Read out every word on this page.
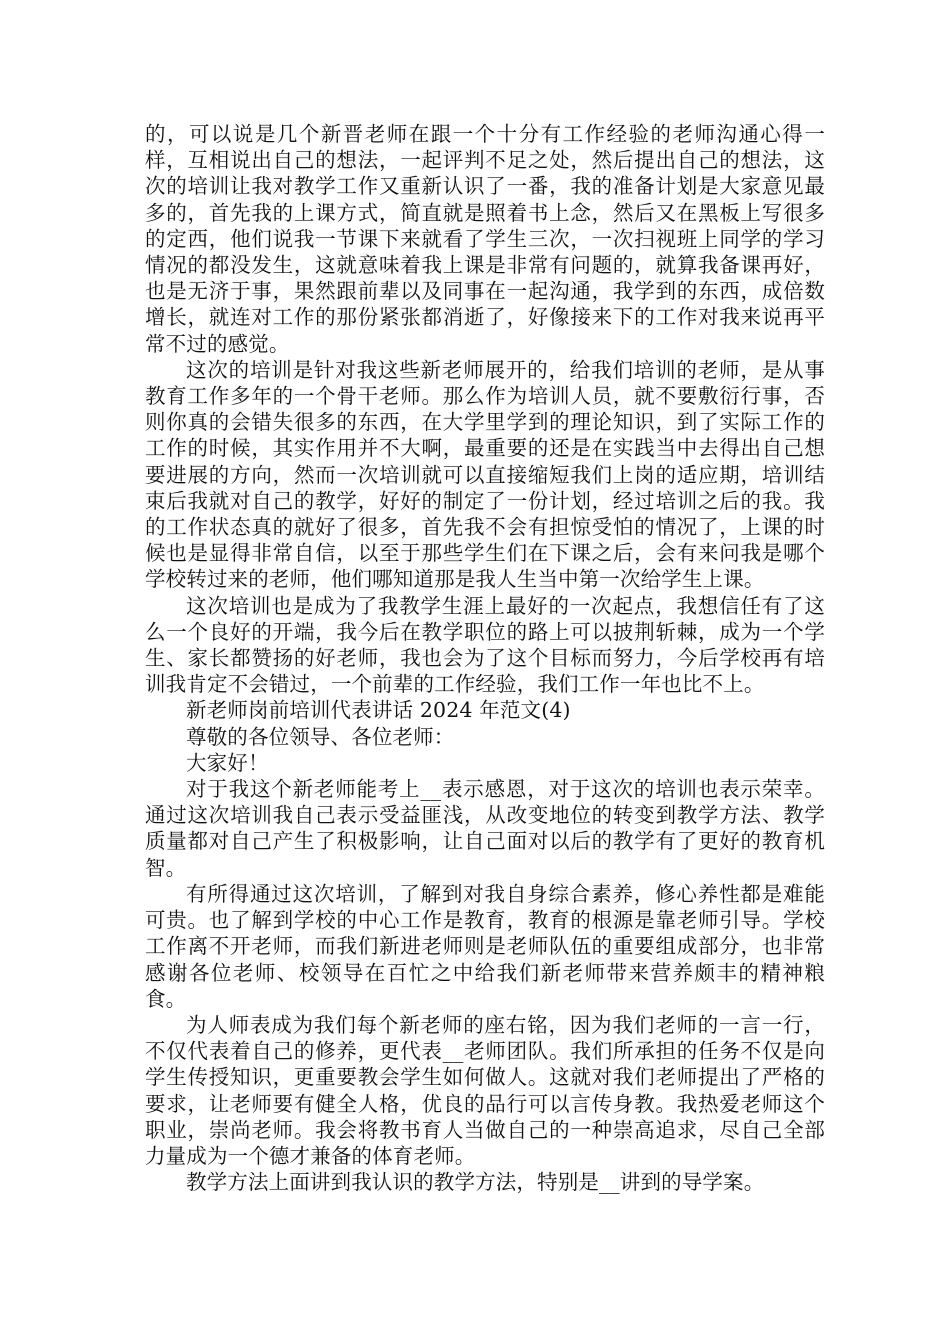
的，可以说是几个新晋老师在跟一个十分有工作经验的老师沟通心得一样，互相说出自己的想法，一起评判不足之处，然后提出自己的想法，这次的培训让我对教学工作又重新认识了一番，我的准备计划是大家意见最多的，首先我的上课方式，简直就是照着书上念，然后又在黑板上写很多的定西，他们说我一节课下来就看了学生三次，一次扫视班上同学的学习情况的都没发生，这就意味着我上课是非常有问题的，就算我备课再好，也是无济于事，果然跟前辈以及同事在一起沟通，我学到的东西，成倍数增长，就连对工作的那份紧张都消逝了，好像接来下的工作对我来说再平常不过的感觉。

这次的培训是针对我这些新老师展开的，给我们培训的老师，是从事教育工作多年的一个骨干老师。那么作为培训人员，就不要敷衍行事，否则你真的会错失很多的东西，在大学里学到的理论知识，到了实际工作的工作的时候，其实作用并不大啊，最重要的还是在实践当中去得出自己想要进展的方向，然而一次培训就可以直接缩短我们上岗的适应期，培训结束后我就对自己的教学，好好的制定了一份计划，经过培训之后的我。我的工作状态真的就好了很多，首先我不会有担惊受怕的情况了，上课的时候也是显得非常自信，以至于那些学生们在下课之后，会有来问我是哪个学校转过来的老师，他们哪知道那是我人生当中第一次给学生上课。

这次培训也是成为了我教学生涯上最好的一次起点，我想信任有了这么一个良好的开端，我今后在教学职位的路上可以披荆斩棘，成为一个学生、家长都赞扬的好老师，我也会为了这个目标而努力，今后学校再有培训我肯定不会错过，一个前辈的工作经验，我们工作一年也比不上。

新老师岗前培训代表讲话 2024 年范文(4)

尊敬的各位领导、各位老师：

大家好！

对于我这个新老师能考上__表示感恩，对于这次的培训也表示荣幸。通过这次培训我自己表示受益匪浅，从改变地位的转变到教学方法、教学质量都对自己产生了积极影响，让自己面对以后的教学有了更好的教育机智。

有所得通过这次培训，了解到对我自身综合素养，修心养性都是难能可贵。也了解到学校的中心工作是教育，教育的根源是靠老师引导。学校工作离不开老师，而我们新进老师则是老师队伍的重要组成部分，也非常感谢各位老师、校领导在百忙之中给我们新老师带来营养颇丰的精神粮食。

为人师表成为我们每个新老师的座右铭，因为我们老师的一言一行，不仅代表着自己的修养，更代表__老师团队。我们所承担的任务不仅是向学生传授知识，更重要教会学生如何做人。这就对我们老师提出了严格的要求，让老师要有健全人格，优良的品行可以言传身教。我热爱老师这个职业，崇尚老师。我会将教书育人当做自己的一种崇高追求，尽自己全部力量成为一个德才兼备的体育老师。

教学方法上面讲到我认识的教学方法，特别是__讲到的导学案。
